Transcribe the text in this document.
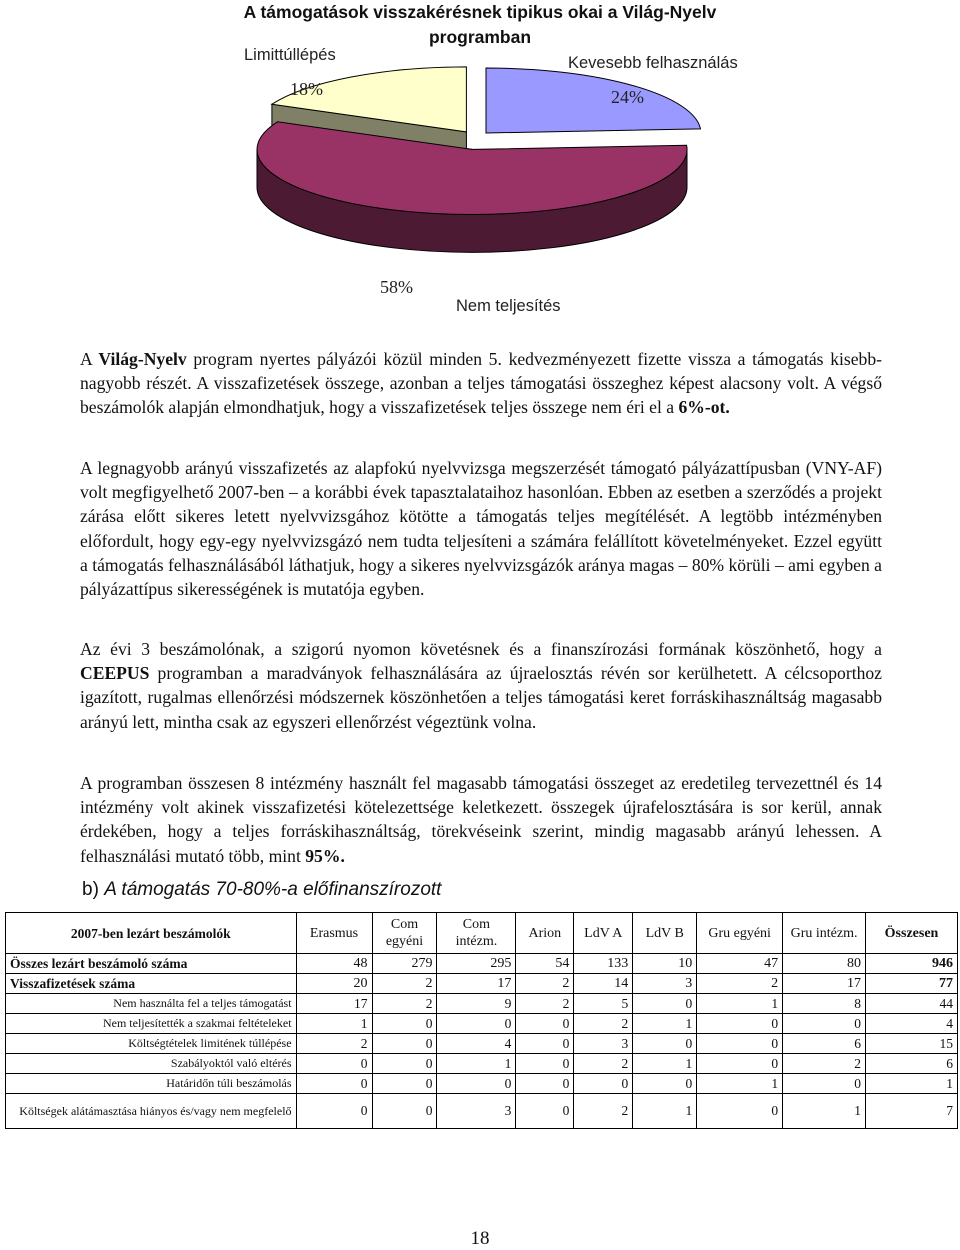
A támogatások visszakérésnek tipikus okai a Világ-Nyelv programban
Limittúllépés
18%
Kevesebb felhasználás
24%
58%
Nem teljesítés
A Világ-Nyelv program nyertes pályázói közül minden 5. kedvezményezett fizette vissza a támogatás kisebb-nagyobb részét. A visszafizetések összege, azonban a teljes támogatási összeghez képest alacsony volt. A végső beszámolók alapján elmondhatjuk, hogy a visszafizetések teljes összege nem éri el a 6%-ot.
A legnagyobb arányú visszafizetés az alapfokú nyelvvizsga megszerzését támogató pályázattípusban (VNY-AF) volt megfigyelhető 2007-ben – a korábbi évek tapasztalataihoz hasonlóan. Ebben az esetben a szerződés a projekt zárása előtt sikeres letett nyelvvizsgához kötötte a támogatás teljes megítélését. A legtöbb intézményben előfordult, hogy egy-egy nyelvvizsgázó nem tudta teljesíteni a számára felállított követelményeket. Ezzel együtt a támogatás felhasználásából láthatjuk, hogy a sikeres nyelvvizsgázók aránya magas – 80% körüli – ami egyben a pályázattípus sikerességének is mutatója egyben.
Az évi 3 beszámolónak, a szigorú nyomon követésnek és a finanszírozási formának köszönhető, hogy a CEEPUS programban a maradványok felhasználására az újraelosztás révén sor kerülhetett. A célcsoporthoz igazított, rugalmas ellenőrzési módszernek köszönhetően a teljes támogatási keret forráskihasználtság magasabb arányú lett, mintha csak az egyszeri ellenőrzést végeztünk volna.
A programban összesen 8 intézmény használt fel magasabb támogatási összeget az eredetileg tervezettnél és 14 intézmény volt akinek visszafizetési kötelezettsége keletkezett. összegek újrafelosztására is sor kerül, annak érdekében, hogy a teljes forráskihasználtság, törekvéseink szerint, mindig magasabb arányú lehessen. A felhasználási mutató több, mint 95%.
b) A támogatás 70-80%-a előfinanszírozott
2007-ben lezárt beszámolók	Erasmus	Com egyéni	Com intézm.	Arion	LdV A	LdV B	Gru egyéni	Gru intézm.	Összesen
Összes lezárt beszámoló száma	48	279	295	54	133	10	47	80	946
Visszafizetések száma	20	2	17	2	14	3	2	17	77
Nem használta fel a teljes támogatást	17	2	9	2	5	0	1	8	44
Nem teljesítették a szakmai feltételeket	1	0	0	0	2	1	0	0	4
Költségtételek limitének túllépése	2	0	4	0	3	0	0	6	15
Szabályoktól való eltérés	0	0	1	0	2	1	0	2	6
Határidőn túli beszámolás	0	0	0	0	0	0	1	0	1
Költségek alátámasztása hiányos és/vagy nem megfelelő	0	0	3	0	2	1	0	1	7
18
